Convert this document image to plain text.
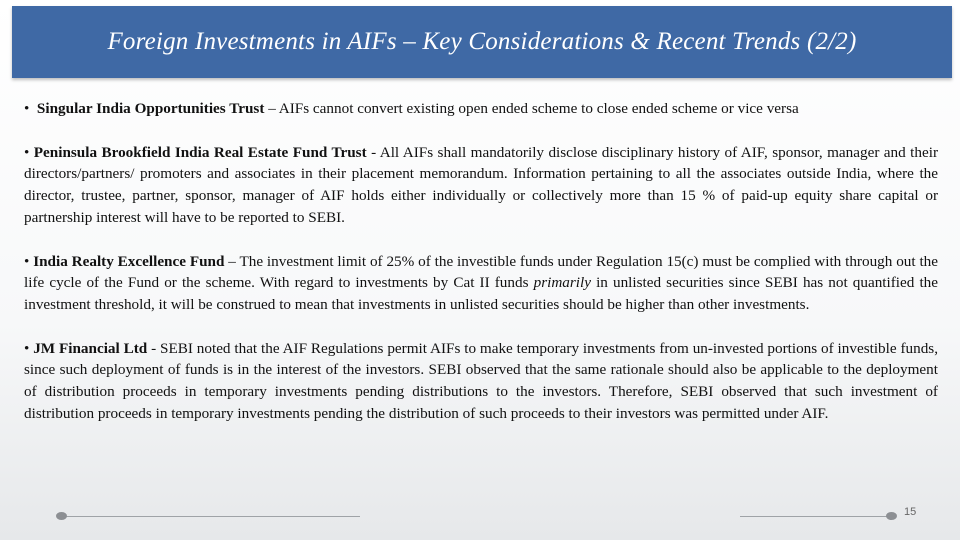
Foreign Investments in AIFs – Key Considerations & Recent Trends (2/2)

• Singular India Opportunities Trust – AIFs cannot convert existing open ended scheme to close ended scheme or vice versa

• Peninsula Brookfield India Real Estate Fund Trust - All AIFs shall mandatorily disclose disciplinary history of AIF, sponsor, manager and their directors/partners/ promoters and associates in their placement memorandum. Information pertaining to all the associates outside India, where the director, trustee, partner, sponsor, manager of AIF holds either individually or collectively more than 15 % of paid-up equity share capital or partnership interest will have to be reported to SEBI.

• India Realty Excellence Fund – The investment limit of 25% of the investible funds under Regulation 15(c) must be complied with through out the life cycle of the Fund or the scheme. With regard to investments by Cat II funds primarily in unlisted securities since SEBI has not quantified the investment threshold, it will be construed to mean that investments in unlisted securities should be higher than other investments.

• JM Financial Ltd - SEBI noted that the AIF Regulations permit AIFs to make temporary investments from un-invested portions of investible funds, since such deployment of funds is in the interest of the investors. SEBI observed that the same rationale should also be applicable to the deployment of distribution proceeds in temporary investments pending distributions to the investors. Therefore, SEBI observed that such investment of distribution proceeds in temporary investments pending the distribution of such proceeds to their investors was permitted under AIF.

15
